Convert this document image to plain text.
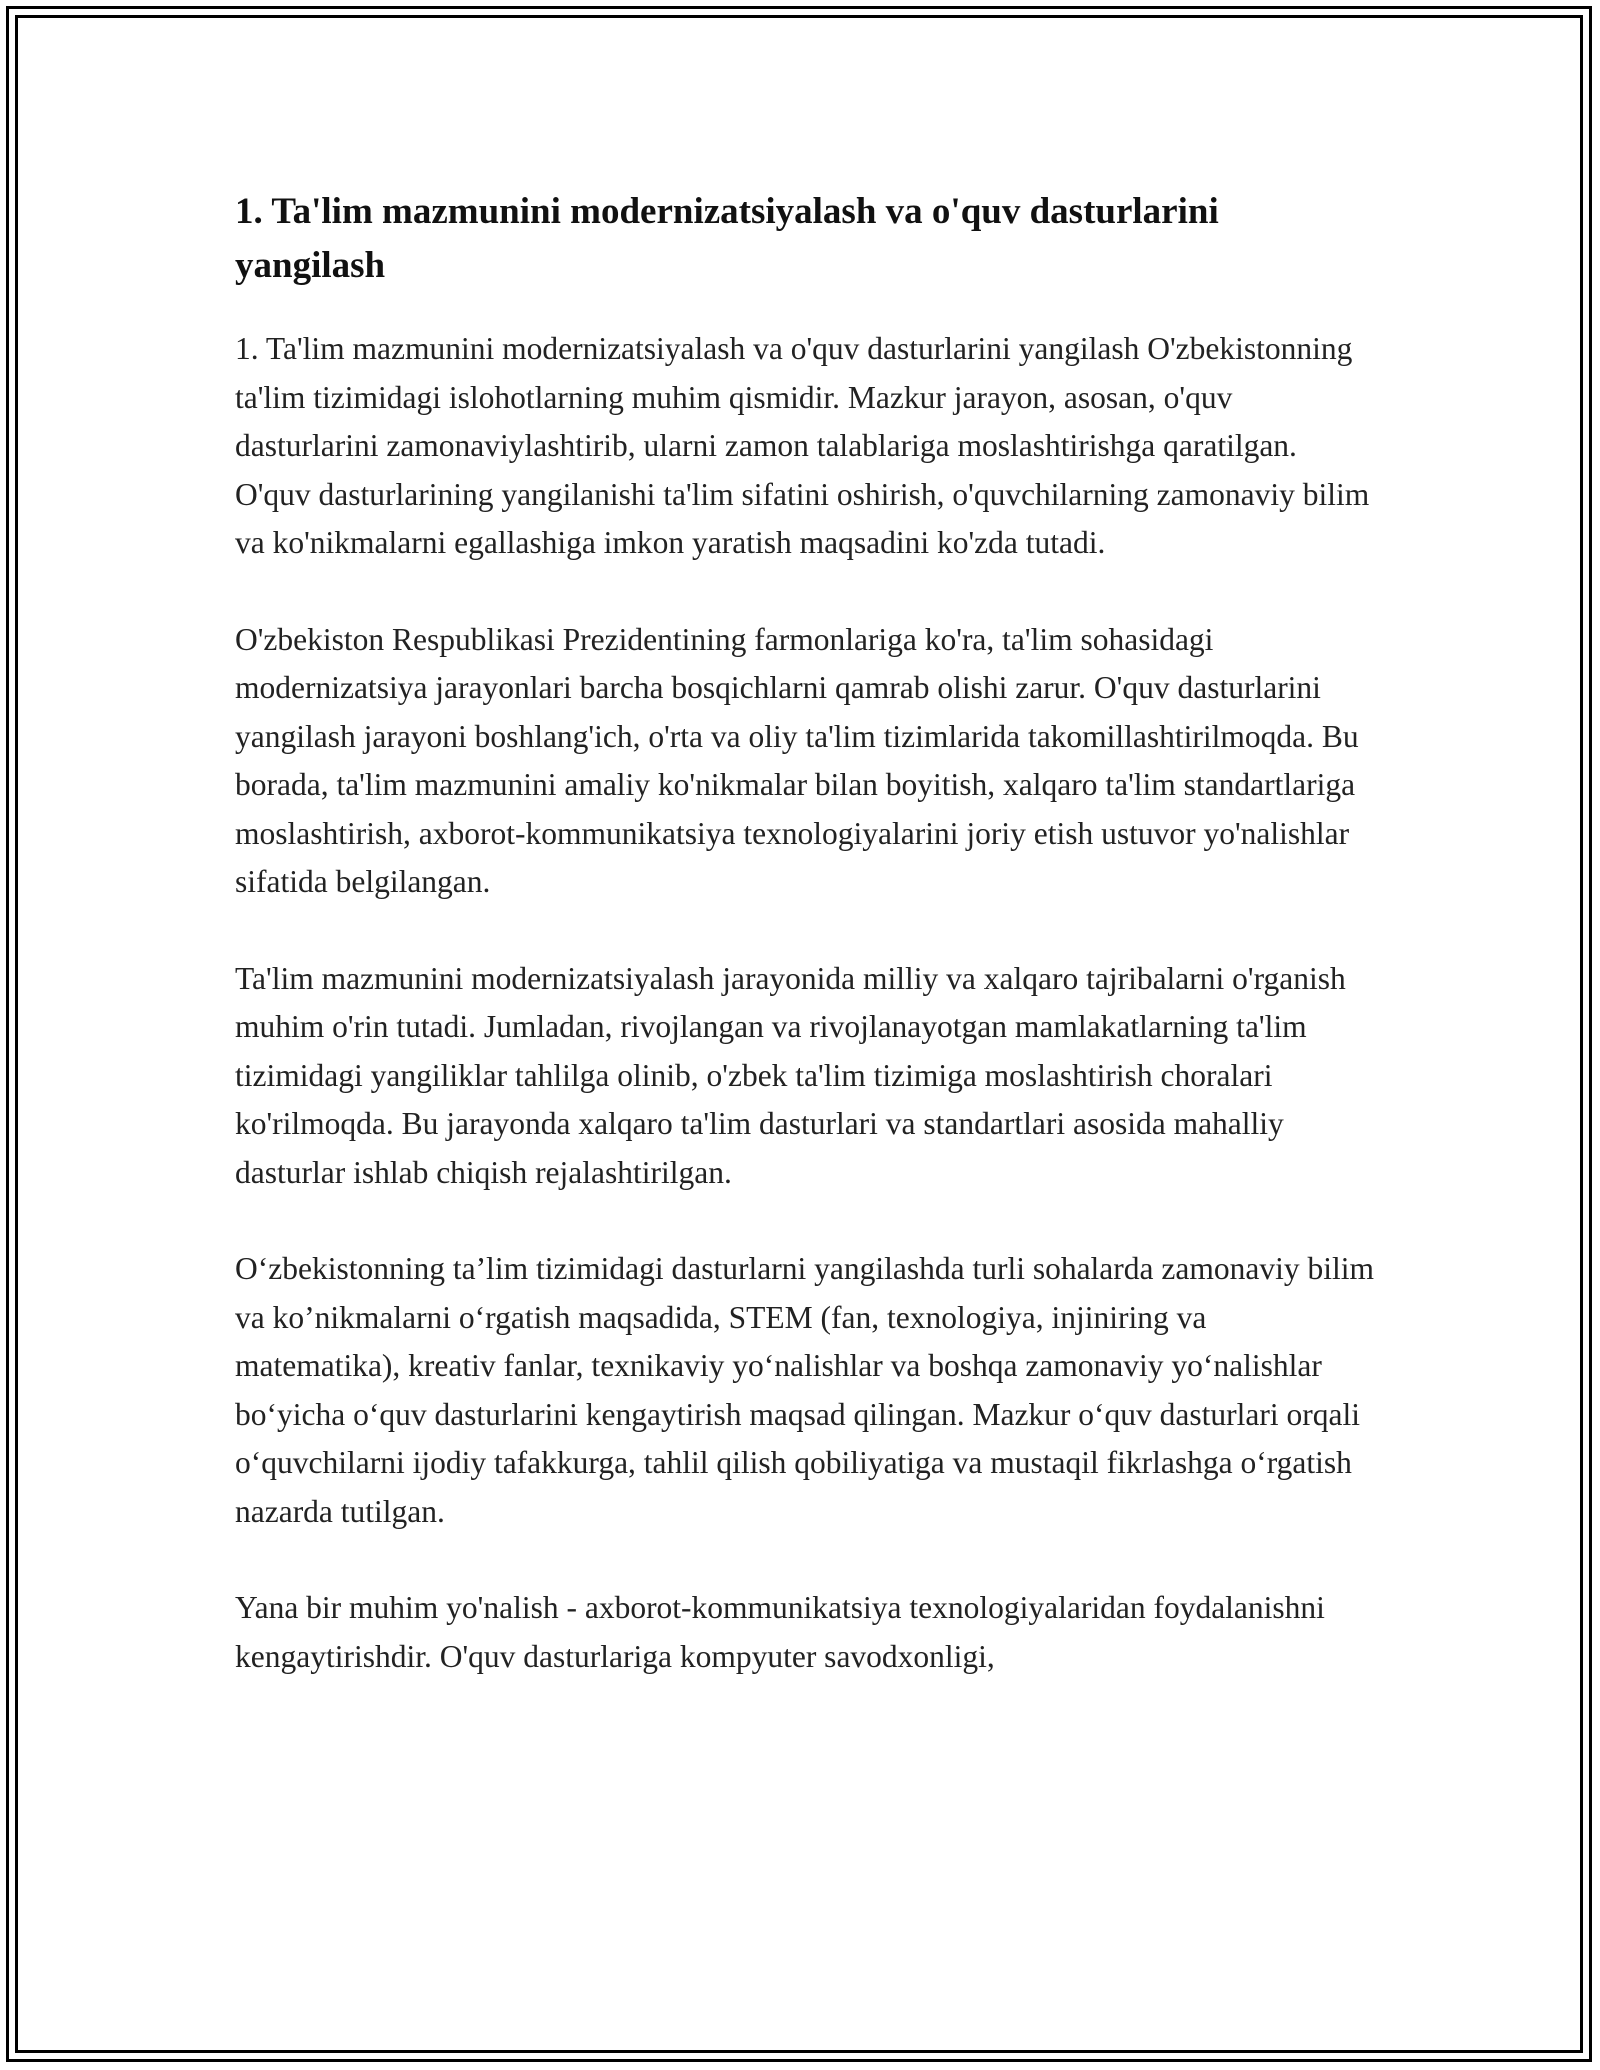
1. Ta'lim mazmunini modernizatsiyalash va o'quv dasturlarini yangilash

1. Ta'lim mazmunini modernizatsiyalash va o'quv dasturlarini yangilash O'zbekistonning ta'lim tizimidagi islohotlarning muhim qismidir. Mazkur jarayon, asosan, o'quv dasturlarini zamonaviylashtirib, ularni zamon talablariga moslashtirishga qaratilgan. O'quv dasturlarining yangilanishi ta'lim sifatini oshirish, o'quvchilarning zamonaviy bilim va ko'nikmalarni egallashiga imkon yaratish maqsadini ko'zda tutadi.

O'zbekiston Respublikasi Prezidentining farmonlariga ko'ra, ta'lim sohasidagi modernizatsiya jarayonlari barcha bosqichlarni qamrab olishi zarur. O'quv dasturlarini yangilash jarayoni boshlang'ich, o'rta va oliy ta'lim tizimlarida takomillashtirilmoqda. Bu borada, ta'lim mazmunini amaliy ko'nikmalar bilan boyitish, xalqaro ta'lim standartlariga moslashtirish, axborot-kommunikatsiya texnologiyalarini joriy etish ustuvor yo'nalishlar sifatida belgilangan.

Ta'lim mazmunini modernizatsiyalash jarayonida milliy va xalqaro tajribalarni o'rganish muhim o'rin tutadi. Jumladan, rivojlangan va rivojlanayotgan mamlakatlarning ta'lim tizimidagi yangiliklar tahlilga olinib, o'zbek ta'lim tizimiga moslashtirish choralari ko'rilmoqda. Bu jarayonda xalqaro ta'lim dasturlari va standartlari asosida mahalliy dasturlar ishlab chiqish rejalashtirilgan.

O‘zbekistonning ta’lim tizimidagi dasturlarni yangilashda turli sohalarda zamonaviy bilim va ko’nikmalarni o‘rgatish maqsadida, STEM (fan, texnologiya, injiniring va matematika), kreativ fanlar, texnikaviy yo‘nalishlar va boshqa zamonaviy yo‘nalishlar bo‘yicha o‘quv dasturlarini kengaytirish maqsad qilingan. Mazkur o‘quv dasturlari orqali o‘quvchilarni ijodiy tafakkurga, tahlil qilish qobiliyatiga va mustaqil fikrlashga o‘rgatish nazarda tutilgan.

Yana bir muhim yo'nalish - axborot-kommunikatsiya texnologiyalaridan foydalanishni kengaytirishdir. O'quv dasturlariga kompyuter savodxonligi,
